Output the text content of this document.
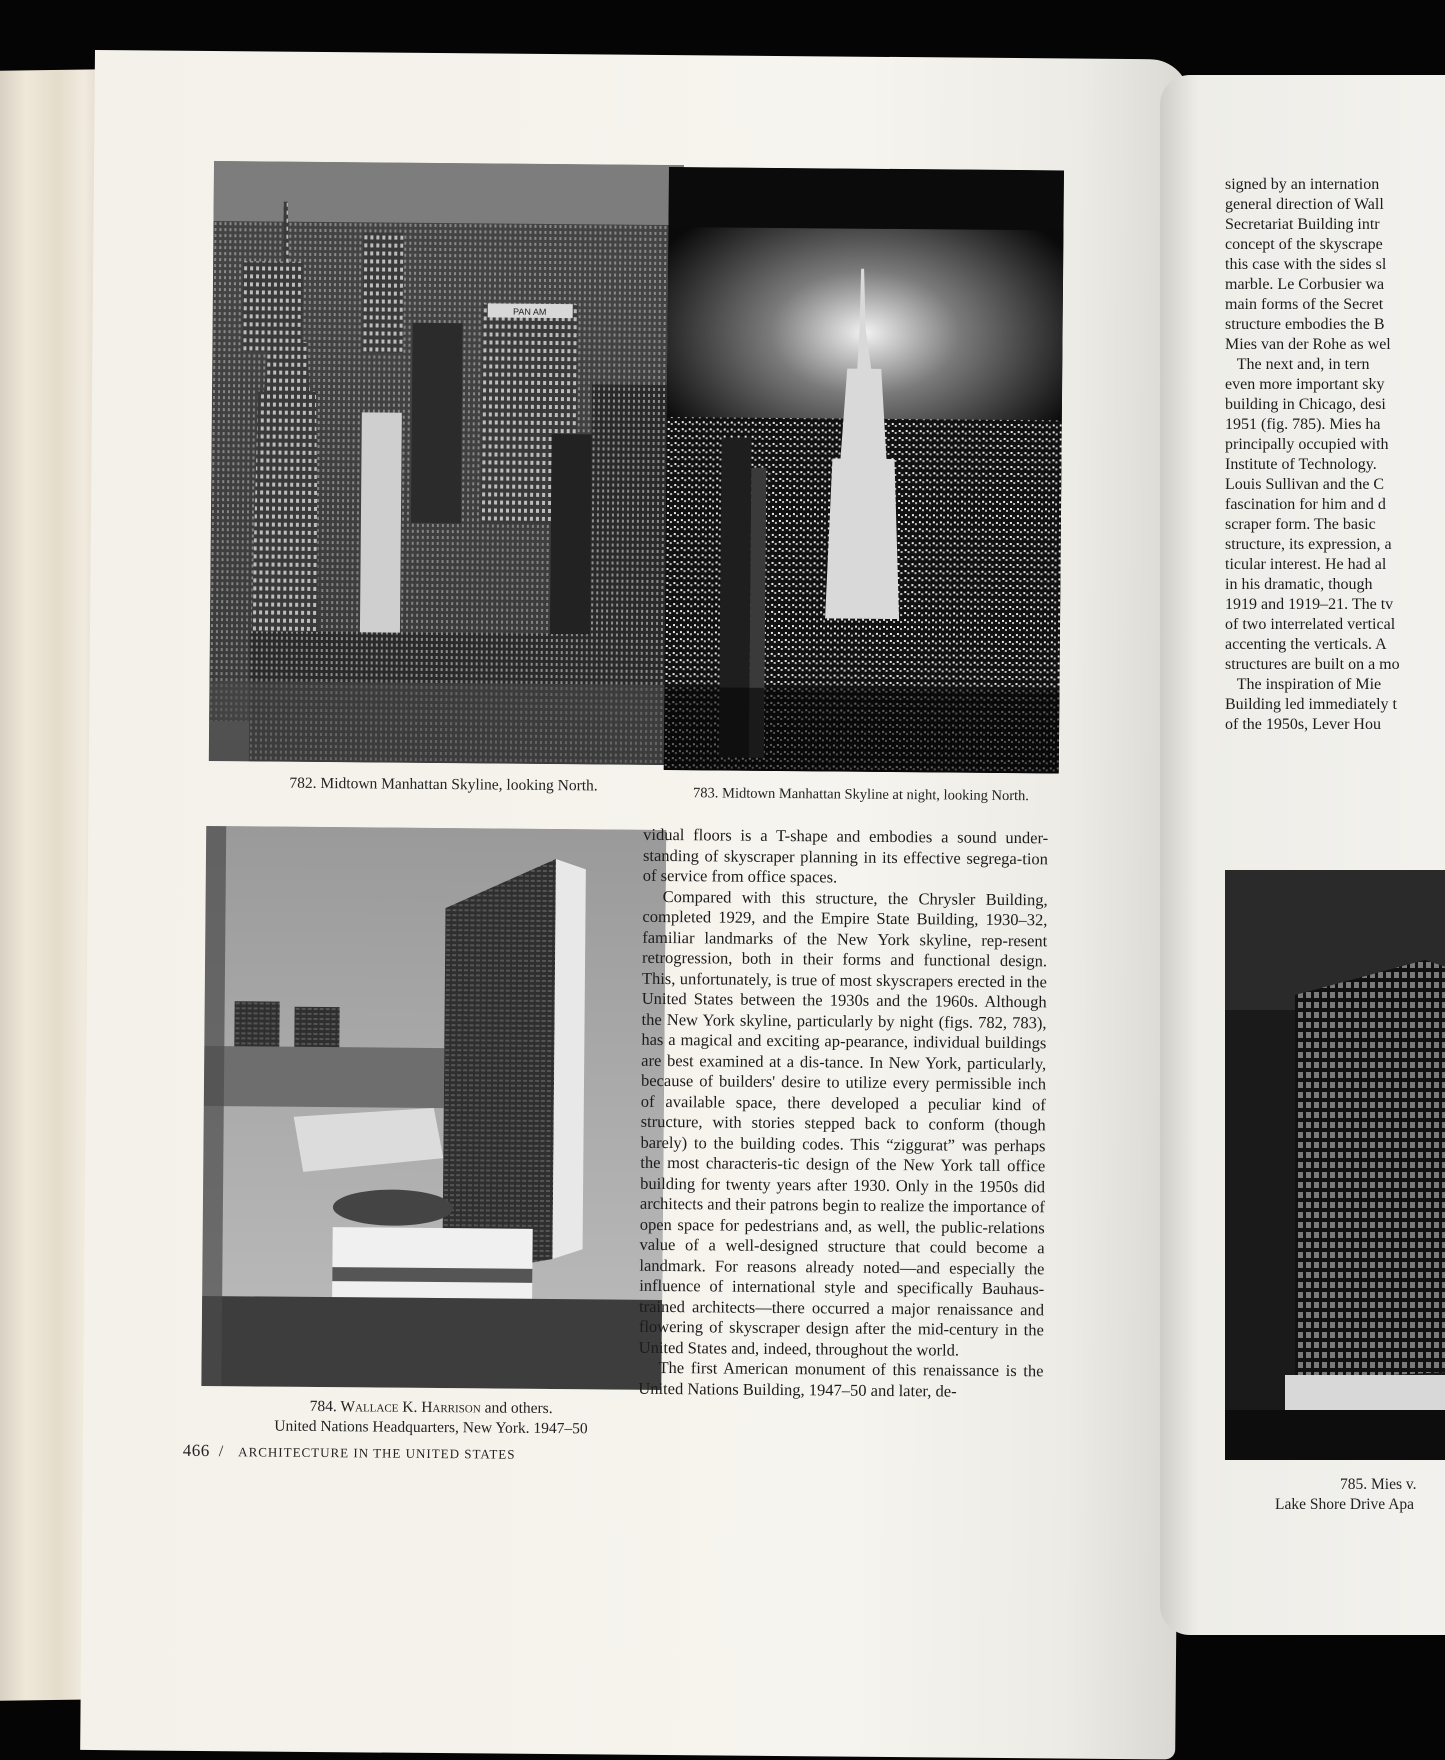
PAN AM
782. Midtown Manhattan Skyline, looking North.
783. Midtown Manhattan Skyline at night, looking North.
784. Wallace K. Harrison and others.
United Nations Headquarters, New York. 1947–50

vidual floors is a T-shape and embodies a sound under-standing of skyscraper planning in its effective segrega-tion of service from office spaces.

Compared with this structure, the Chrysler Building, completed 1929, and the Empire State Building, 1930–32, familiar landmarks of the New York skyline, rep-resent retrogression, both in their forms and functional design. This, unfortunately, is true of most skyscrapers erected in the United States between the 1930s and the 1960s. Although the New York skyline, particularly by night (figs. 782, 783), has a magical and exciting ap-pearance, individual buildings are best examined at a dis-tance. In New York, particularly, because of builders' desire to utilize every permissible inch of available space, there developed a peculiar kind of structure, with stories stepped back to conform (though barely) to the building codes. This “ziggurat” was perhaps the most characteris-tic design of the New York tall office building for twenty years after 1930. Only in the 1950s did architects and their patrons begin to realize the importance of open space for pedestrians and, as well, the public-relations value of a well-designed structure that could become a landmark. For reasons already noted—and especially the influence of international style and specifically Bauhaus-trained architects—there occurred a major renaissance and flowering of skyscraper design after the mid-century in the United States and, indeed, throughout the world.

The first American monument of this renaissance is the United Nations Building, 1947–50 and later, de-

466 / ARCHITECTURE IN THE UNITED STATES

signed by an internation

general direction of Wall

Secretariat Building intr

concept of the skyscrape

this case with the sides sl

marble. Le Corbusier wa

main forms of the Secret

structure embodies the B

Mies van der Rohe as wel

The next and, in tern

even more important sky

building in Chicago, desi

1951 (fig. 785). Mies ha

principally occupied with

Institute of Technology.

Louis Sullivan and the C

fascination for him and d

scraper form. The basic

structure, its expression, a

ticular interest. He had al

in his dramatic, though

1919 and 1919–21. The tv

of two interrelated vertical

accenting the verticals. A

structures are built on a mo

The inspiration of Mie

Building led immediately t

of the 1950s, Lever Hou

785. Mies v.
Lake Shore Drive Apa
